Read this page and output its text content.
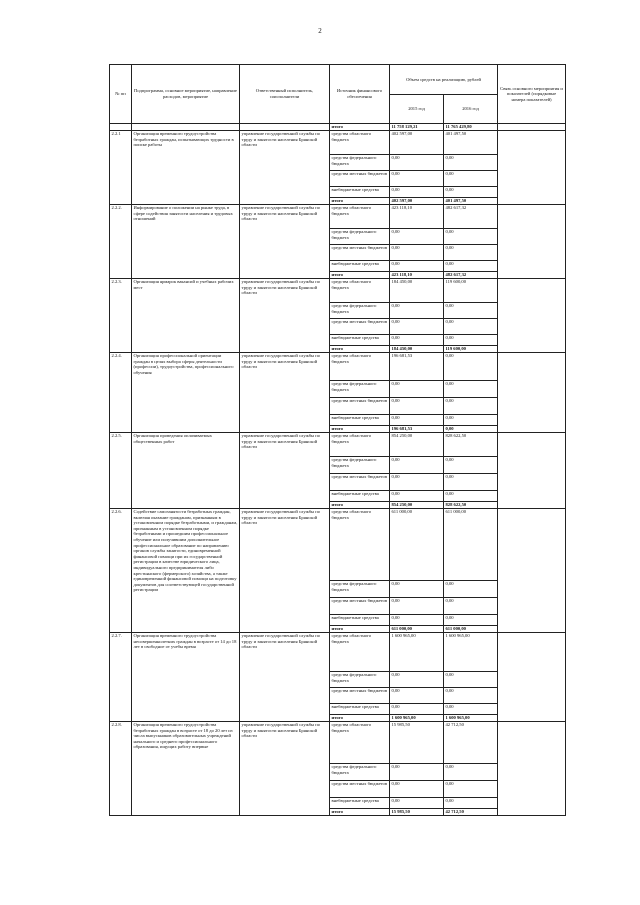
2
№ пп	Подпрограмма, основное мероприятие, направление расходов, мероприятие	Ответственный исполнитель, соисполнители	Источник финансового обеспечения	Объем средств на реализацию, рублей		Связь основного мероприятия и показателей (порядковые номера показателей)
				2015 год	2016 год	
			итого	11 758 129,21	11 765 429,80	
2.2.1	Организация временного трудоустройства безработных граждан, испытывающих трудности в поиске работы	управление государственной службы по труду и занятости населения Брянской области	средства областного бюджета	402 597,00	401 497,50	
			средства федерального бюджета	0,00	0,00	
			средства местных бюджетов	0,00	0,00	
			внебюджетные средства	0,00	0,00	
			итого	402 597,00	401 497,50	
2.2.2.	Информирование о положении на рынке труда, в сфере содействия занятости населения и трудовых отношений	управление государственной службы по труду и занятости населения Брянской области	средства областного бюджета	423 118,10	482 617,32	
			средства федерального бюджета	0,00	0,00	
			средства местных бюджетов	0,00	0,00	
			внебюджетные средства	0,00	0,00	
			итого	423 118,10	482 617,32	
2.2.3.	Организация ярмарок вакансий и учебных рабочих мест	управление государственной службы по труду и занятости населения Брянской области	средства областного бюджета	184 450,00	119 600,00	
			средства федерального бюджета	0,00	0,00	
			средства местных бюджетов	0,00	0,00	
			внебюджетные средства	0,00	0,00	
			итого	184 450,00	119 600,00	
2.2.4.	Организация профессиональной ориентации граждан в целях выбора сферы деятельности (профессии), трудоустройства, профессионального обучения	управление государственной службы по труду и занятости населения Брянской области	средства областного бюджета	196 681,53	0,00	
			средства федерального бюджета	0,00	0,00	
			средства местных бюджетов	0,00	0,00	
			внебюджетные средства	0,00	0,00	
			итого	196 681,53	0,00	
2.2.5.	Организация проведения оплачиваемых общественных работ	управление государственной службы по труду и занятости населения Брянской области	средства областного бюджета	854 250,00	828 622,50	
			средства федерального бюджета	0,00	0,00	
			средства местных бюджетов	0,00	0,00	
			внебюджетные средства	0,00	0,00	
			итого	854 250,00	828 622,50	
2.2.6.	Содействие самозанятости безработных граждан, включая оказание гражданам, признанным в установленном порядке безработными, и гражданам, признанным в установленном порядке безработными и прошедшим профессиональное обучение или получившим дополнительное профессиональное образование по направлению органов службы занятости, единовременной финансовой помощи при их государственной регистрации в качестве юридического лица, индивидуального предпринимателя либо крестьянского (фермерского) хозяйства, а также единовременной финансовой помощи на подготовку документов для соответствующей государственной регистрации	управление государственной службы по труду и занятости населения Брянской области	средства областного бюджета	611 000,00	611 000,00	
			средства федерального бюджета	0,00	0,00	
			средства местных бюджетов	0,00	0,00	
			внебюджетные средства	0,00	0,00	
			итого	611 000,00	611 000,00	
2.2.7.	Организация временного трудоустройства несовершеннолетних граждан в возрасте от 14 до 18 лет в свободное от учебы время	управление государственной службы по труду и занятости населения Брянской области	средства областного бюджета	1 600 965,00	1 600 965,00	
			средства федерального бюджета	0,00	0,00	
			средства местных бюджетов	0,00	0,00	
			внебюджетные средства	0,00	0,00	
			итого	1 600 965,00	1 600 965,00	
2.2.8.	Организация временного трудоустройства безработных граждан в возрасте от 18 до 20 лет из числа выпускников образовательных учреждений начального и среднего профессионального образования, ищущих работу впервые	управление государственной службы по труду и занятости населения Брянской области	средства областного бюджета	15 985,50	42 712,50	
			средства федерального бюджета	0,00	0,00	
			средства местных бюджетов	0,00	0,00	
			внебюджетные средства	0,00	0,00	
			итого	15 985,50	42 712,50	
